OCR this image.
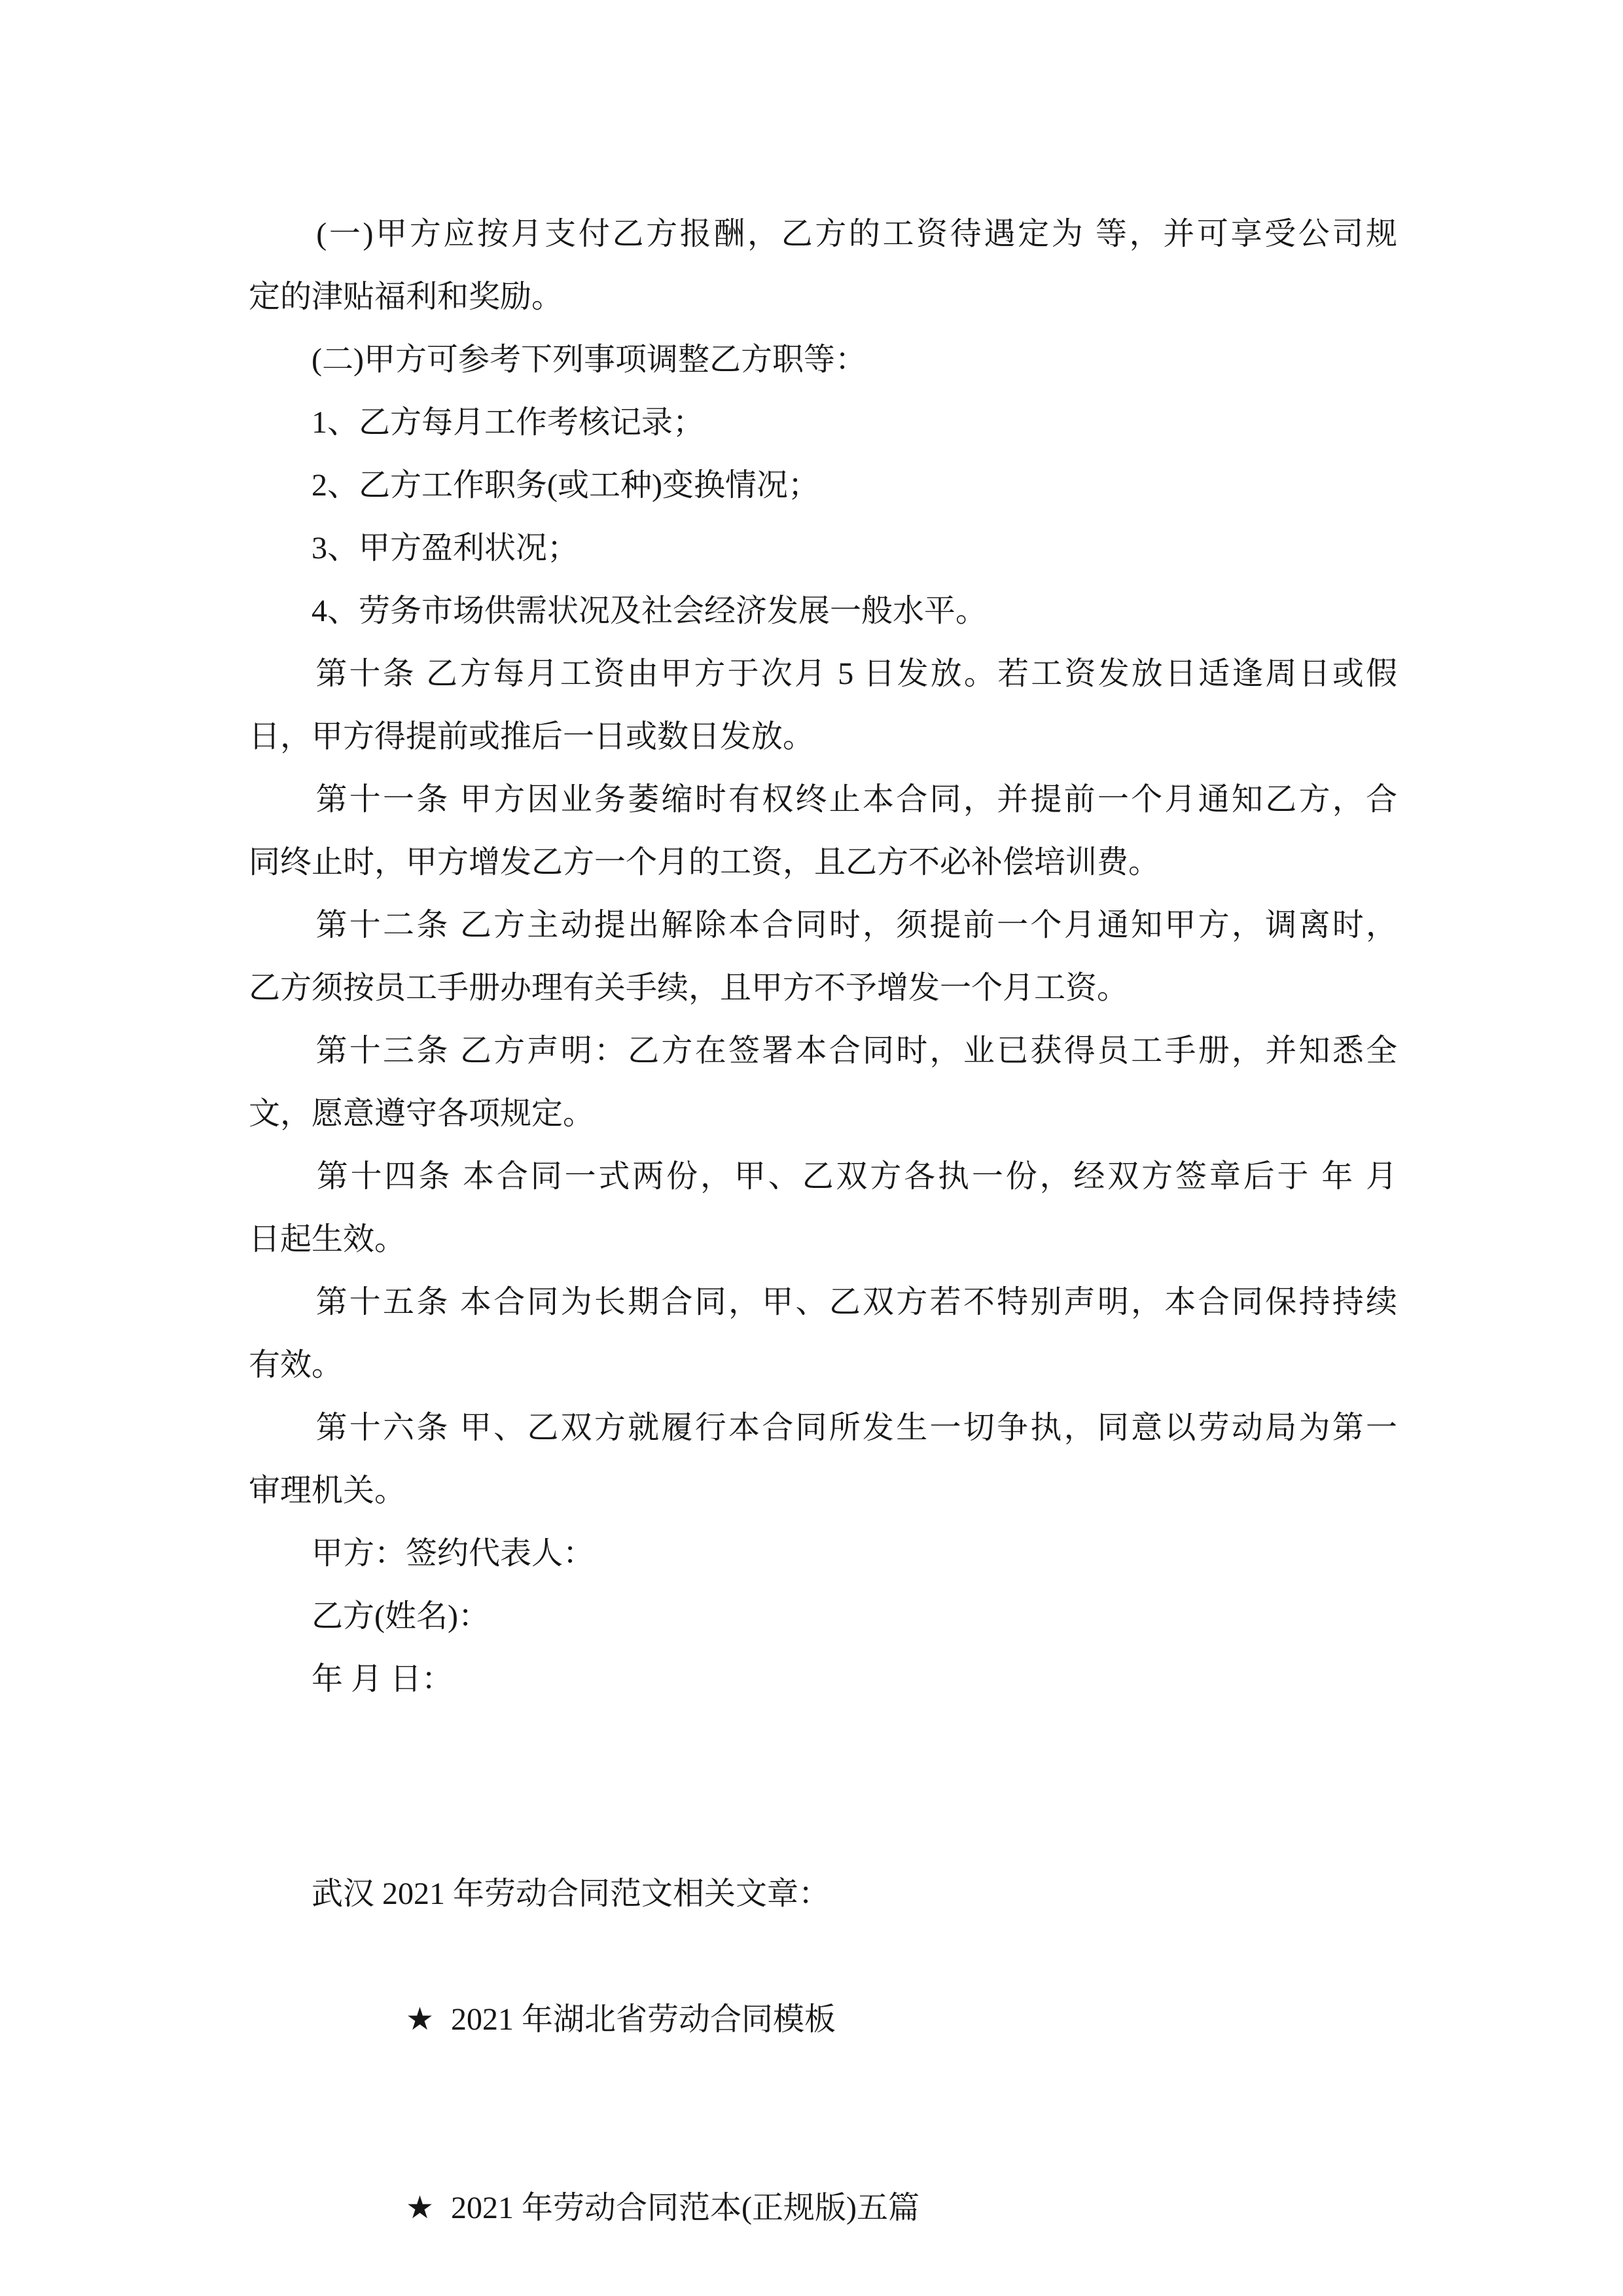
　　(一)甲方应按月支付乙方报酬，乙方的工资待遇定为 等，并可享受公司规
定的津贴福利和奖励。
　　(二)甲方可参考下列事项调整乙方职等：
　　1、乙方每月工作考核记录；
　　2、乙方工作职务(或工种)变换情况；
　　3、甲方盈利状况；
　　4、劳务市场供需状况及社会经济发展一般水平。
　　第十条 乙方每月工资由甲方于次月 5 日发放。若工资发放日适逢周日或假
日，甲方得提前或推后一日或数日发放。
　　第十一条 甲方因业务萎缩时有权终止本合同，并提前一个月通知乙方，合
同终止时，甲方增发乙方一个月的工资，且乙方不必补偿培训费。
　　第十二条 乙方主动提出解除本合同时，须提前一个月通知甲方，调离时，
乙方须按员工手册办理有关手续，且甲方不予增发一个月工资。
　　第十三条 乙方声明：乙方在签署本合同时，业已获得员工手册，并知悉全
文，愿意遵守各项规定。
　　第十四条 本合同一式两份，甲、乙双方各执一份，经双方签章后于 年 月
日起生效。
　　第十五条 本合同为长期合同，甲、乙双方若不特别声明，本合同保持持续
有效。
　　第十六条 甲、乙双方就履行本合同所发生一切争执，同意以劳动局为第一
审理机关。
　　甲方：签约代表人：
　　乙方(姓名)：
　　年 月 日：
武汉 2021 年劳动合同范文相关文章：

★ 2021 年湖北省劳动合同模板

★ 2021 年劳动合同范本(正规版)五篇
